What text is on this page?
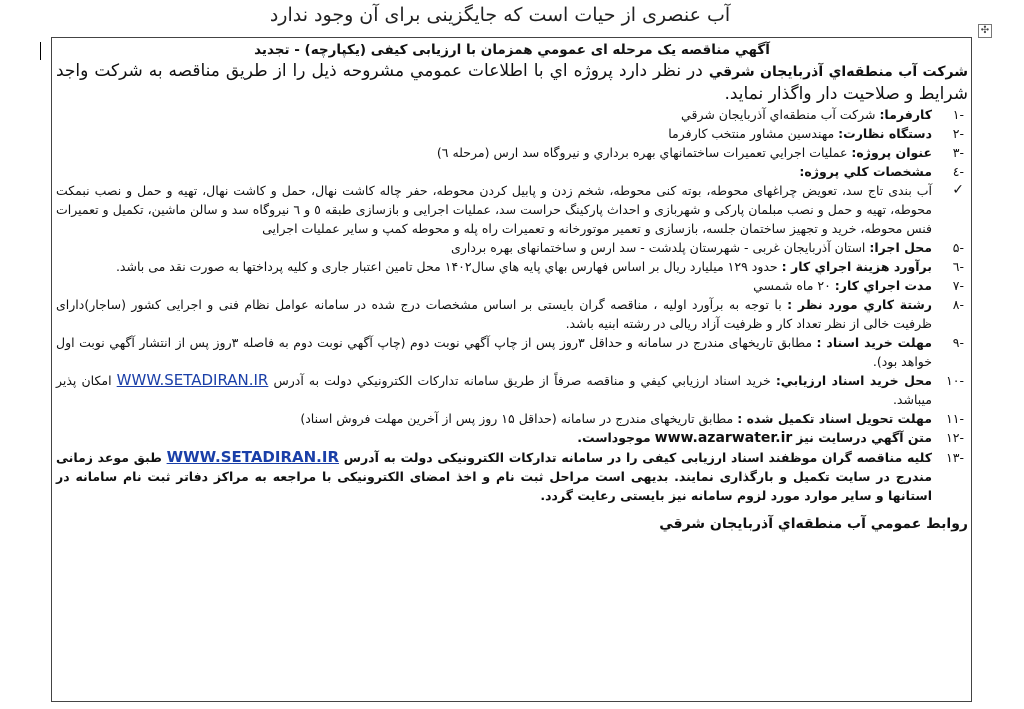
آب عنصری از حیات است که جایگزینی برای آن وجود ندارد
✣
آگهي مناقصه يک مرحله ای عمومي همزمان با ارزيابی کيفی (يکپارچه) - تجديد
شرکت آب منطقه‌اي آذربايجان شرقي در نظر دارد پروژه اي با اطلاعات عمومي مشروحه ذيل را از طريق مناقصه به شرکت واجد شرايط و صلاحيت دار واگذار نمايد.
-۱
کارفرما: شرکت آب منطقه‌اي آذربايجان شرقي
-۲
دستگاه نظارت: مهندسين مشاور منتخب کارفرما
-۳
عنوان پروژه: عمليات اجرايي تعميرات ساختمانهاي بهره برداري و نيروگاه سد ارس (مرحله ٦)
-٤
مشخصات کلي پروژه:
✓
آب بندی تاج سد، تعويض چراغهای محوطه، بوته کنی محوطه، شخم زدن و پابيل کردن محوطه، حفر چاله کاشت نهال، حمل و کاشت نهال، تهيه و حمل و نصب نبمکت محوطه، تهيه و حمل و نصب مبلمان پارکی و شهربازی و احداث پارکينگ حراست سد، عمليات اجرايی و بازسازی طبقه ٥ و ٦ نيروگاه سد و سالن ماشين، تکميل و تعميرات فنس محوطه، خريد و تجهيز ساختمان جلسه، بازسازی و تعمير موتورخانه و تعميرات راه پله و محوطه کمپ و ساير عمليات اجرايی
-۵
محل اجرا: استان آذربايجان غربی - شهرستان پلدشت - سد ارس و ساختمانهای بهره برداری
-٦
برآورد هزينة اجراي کار : حدود ۱۲۹ ميليارد ريال بر اساس فهارس بهاي پايه هاي سال۱۴۰۲ محل تامين اعتبار جاری و کليه پرداختها به صورت نقد می باشد.
-۷
مدت اجراي کار: ۲۰ ماه شمسي
-۸
رشتة کاري مورد نظر : با توجه به برآورد اوليه ، مناقصه گران بايستی بر اساس مشخصات درج شده در سامانه عوامل نظام فنی و اجرايی کشور (ساجار)دارای ظرفيت خالی از نظر تعداد کار و ظرفيت آزاد ريالی در رشته ابنيه باشد.
-۹
مهلت خريد اسناد : مطابق تاريخهای مندرج در سامانه و حداقل ۳روز پس از چاپ آگهي نوبت دوم (چاپ آگهي نوبت دوم به فاصله ۳روز پس از انتشار آگهي نوبت اول خواهد بود).
-۱۰
محل خريد اسناد ارزيابي: خريد اسناد ارزيابي کيفي و مناقصه صرفاً از طريق سامانه تدارکات الکترونيکي دولت به آدرس WWW.SETADIRAN.IR امکان پذير ميباشد.
-۱۱
مهلت تحويل اسناد تکميل شده : مطابق تاريخهای مندرج در سامانه (حداقل ۱۵ روز پس از آخرين مهلت فروش اسناد)
-۱۲
متن آگهي درسايت نيز www.azarwater.ir موجوداست.
-۱۳
کليه مناقصه گران موظفند اسناد ارزيابی کيفی را در سامانه تدارکات الکترونيکی دولت به آدرس WWW.SETADIRAN.IR طبق موعد زمانی مندرج در سايت تکميل و بارگذاری نمايند. بديهی است مراحل ثبت نام و اخذ امضای الکترونيکی با مراجعه به مراکز دفاتر ثبت نام سامانه در استانها و ساير موارد مورد لزوم سامانه نيز بايستی رعايت گردد.
روابط عمومي آب منطقه‌اي آذربايجان شرقي
